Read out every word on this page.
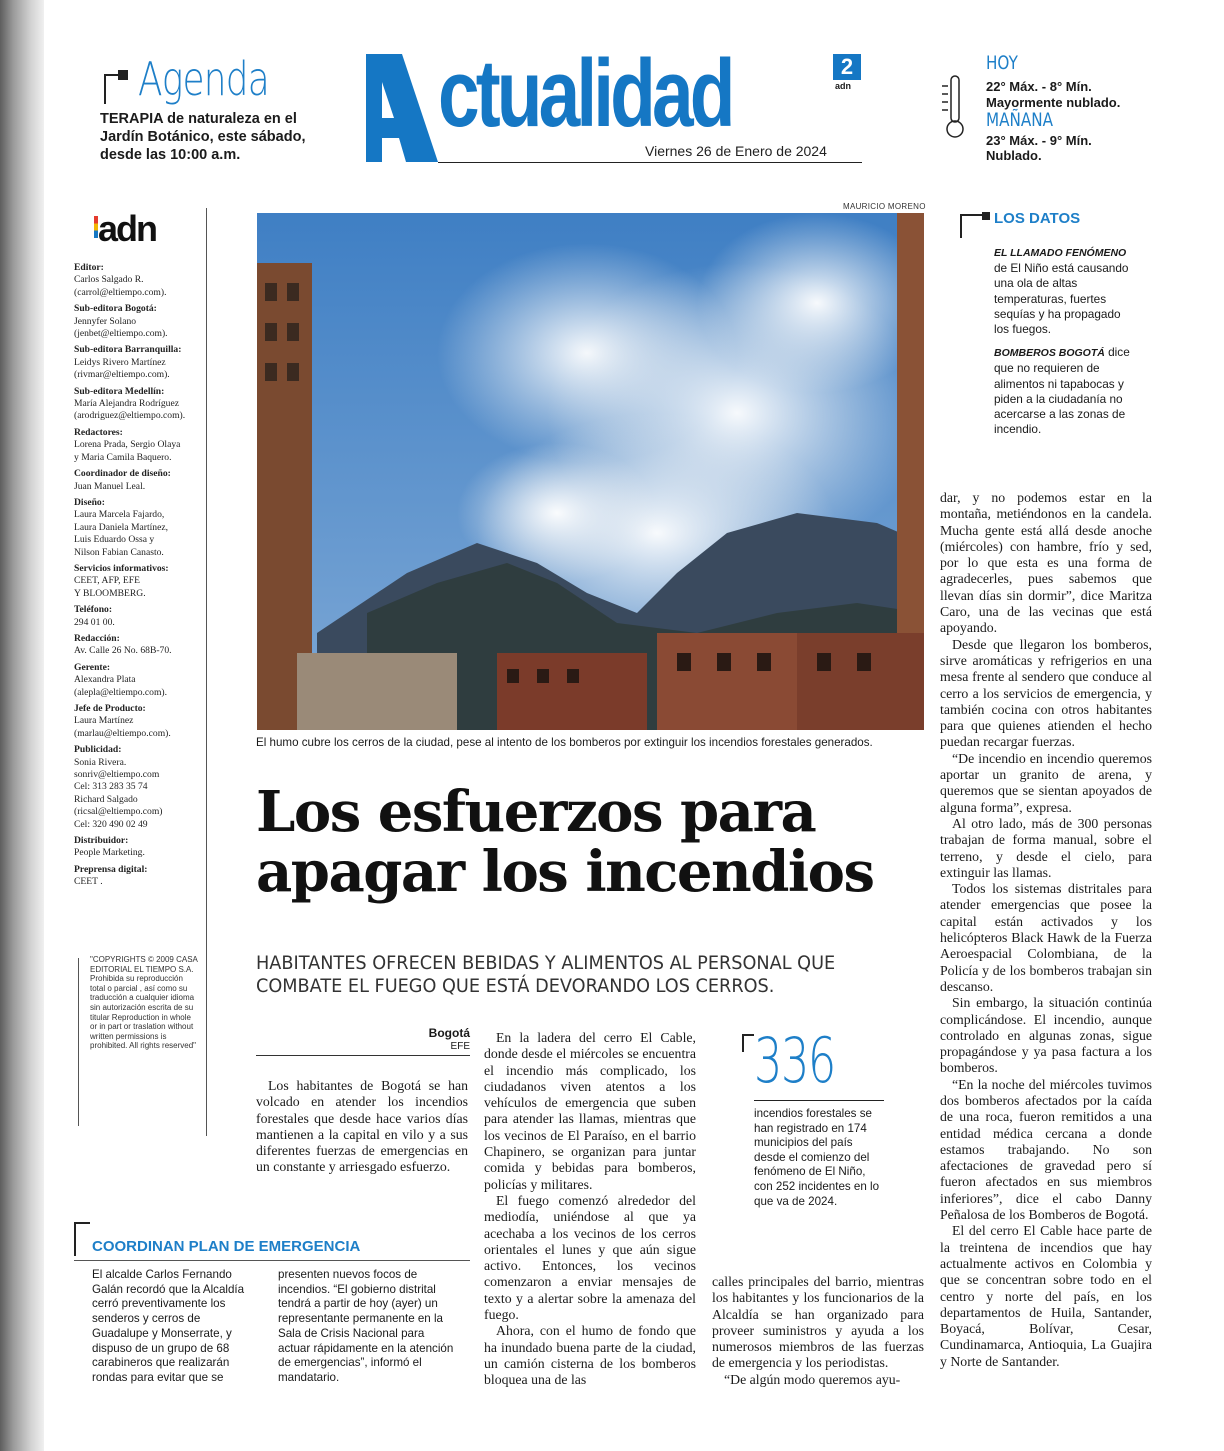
Agenda
TERAPIA de naturaleza en el Jardín Botánico, este sábado, desde las 10:00 a.m.
ctualidad	2
adn
Viernes 26 de Enero de 2024
HOY
22° Máx. - 8° Mín.
Mayormente nublado.
MAÑANA
23° Máx. - 9° Mín.
Nublado.
adn
Editor:
Carlos Salgado R.
(carrol@eltiempo.com).
Sub-editora Bogotá:
Jennyfer Solano
(jenbet@eltiempo.com).
Sub-editora Barranquilla:
Leidys Rivero Martínez
(rivmar@eltiempo.com).
Sub-editora Medellín:
María Alejandra Rodríguez
(arodriguez@eltiempo.com).
Redactores:
Lorena Prada, Sergio Olaya
y Maria Camila Baquero.
Coordinador de diseño:
Juan Manuel Leal.
Diseño:
Laura Marcela Fajardo,
Laura Daniela Martínez,
Luis Eduardo Ossa y
Nilson Fabian Canasto.
Servicios informativos:
CEET, AFP, EFE
Y BLOOMBERG.
Teléfono:
294 01 00.
Redacción:
Av. Calle 26 No. 68B-70.
Gerente:
Alexandra Plata
(alepla@eltiempo.com).
Jefe de Producto:
Laura Martínez
(marlau@eltiempo.com).
Publicidad:
Sonia Rivera.
sonriv@eltiempo.com
Cel: 313 283 35 74
Richard Salgado
(ricsal@eltiempo.com)
Cel: 320 490 02 49
Distribuidor:
People Marketing.
Preprensa digital:
CEET .
"COPYRIGHTS © 2009 CASA EDITORIAL EL TIEMPO S.A. Prohibida su reproducción total o parcial , así como su traducción a cualquier idioma sin autorización escrita de su titular Reproduction in whole or in part or traslation without written permissions is prohibited. All rights reserved"
MAURICIO MORENO
El humo cubre los cerros de la ciudad, pese al intento de los bomberos por extinguir los incendios forestales generados.
Los esfuerzos para apagar los incendios
HABITANTES OFRECEN BEBIDAS Y ALIMENTOS AL PERSONAL QUE COMBATE EL FUEGO QUE ESTÁ DEVORANDO LOS CERROS.
Bogotá
EFE

Los habitantes de Bogotá se han volcado en atender los incendios forestales que desde hace varios días mantienen a la capital en vilo y a sus diferentes fuerzas de emergencias en un constante y arriesgado esfuerzo.

En la ladera del cerro El Cable, donde desde el miércoles se encuentra el incendio más complicado, los ciudadanos viven atentos a los vehículos de emergencia que suben para atender las llamas, mientras que los vecinos de El Paraíso, en el barrio Chapinero, se organizan para juntar comida y bebidas para bomberos, policías y militares.

El fuego comenzó alrededor del mediodía, uniéndose al que ya acechaba a los vecinos de los cerros orientales el lunes y que aún sigue activo. Entonces, los vecinos comenzaron a enviar mensajes de texto y a alertar sobre la amenaza del fuego.

Ahora, con el humo de fondo que ha inundado buena parte de la ciudad, un camión cisterna de los bomberos bloquea una de las

calles principales del barrio, mientras los habitantes y los funcionarios de la Alcaldía se han organizado para proveer suministros y ayuda a los numerosos miembros de las fuerzas de emergencia y los periodistas.

“De algún modo queremos ayu-

dar, y no podemos estar en la montaña, metiéndonos en la candela. Mucha gente está allá desde anoche (miércoles) con hambre, frío y sed, por lo que esta es una forma de agradecerles, pues sabemos que llevan días sin dormir”, dice Maritza Caro, una de las vecinas que está apoyando.

Desde que llegaron los bomberos, sirve aromáticas y refrigerios en una mesa frente al sendero que conduce al cerro a los servicios de emergencia, y también cocina con otros habitantes para que quienes atienden el hecho puedan recargar fuerzas.

“De incendio en incendio queremos aportar un granito de arena, y queremos que se sientan apoyados de alguna forma”, expresa.

Al otro lado, más de 300 personas trabajan de forma manual, sobre el terreno, y desde el cielo, para extinguir las llamas.

Todos los sistemas distritales para atender emergencias que posee la capital están activados y los helicópteros Black Hawk de la Fuerza Aeroespacial Colombiana, de la Policía y de los bomberos trabajan sin descanso.

Sin embargo, la situación continúa complicándose. El incendio, aunque controlado en algunas zonas, sigue propagándose y ya pasa factura a los bomberos.

“En la noche del miércoles tuvimos dos bomberos afectados por la caída de una roca, fueron remitidos a una entidad médica cercana a donde estamos trabajando. No son afectaciones de gravedad pero sí fueron afectados en sus miembros inferiores”, dice el cabo Danny Peñalosa de los Bomberos de Bogotá.

El del cerro El Cable hace parte de la treintena de incendios que hay actualmente activos en Colombia y que se concentran sobre todo en el centro y norte del país, en los departamentos de Huila, Santander, Boyacá, Bolívar, Cesar, Cundinamarca, Antioquia, La Guajira y Norte de Santander.

LOS DATOS
EL LLAMADO FENÓMENO de El Niño está causando una ola de altas temperaturas, fuertes sequías y ha propagado los fuegos.
BOMBEROS BOGOTÁ dice que no requieren de alimentos ni tapabocas y piden a la ciudadanía no acercarse a las zonas de incendio.
336
incendios forestales se han registrado en 174 municipios del país desde el comienzo del fenómeno de El Niño, con 252 incidentes en lo que va de 2024.
COORDINAN PLAN DE EMERGENCIA
El alcalde Carlos Fernando Galán recordó que la Alcaldía cerró preventivamente los senderos y cerros de Guadalupe y Monserrate, y dispuso de un grupo de 68 carabineros que realizarán rondas para evitar que se
presenten nuevos focos de incendios. “El gobierno distrital tendrá a partir de hoy (ayer) un representante permanente en la Sala de Crisis Nacional para actuar rápidamente en la atención de emergencias”, informó el mandatario.
